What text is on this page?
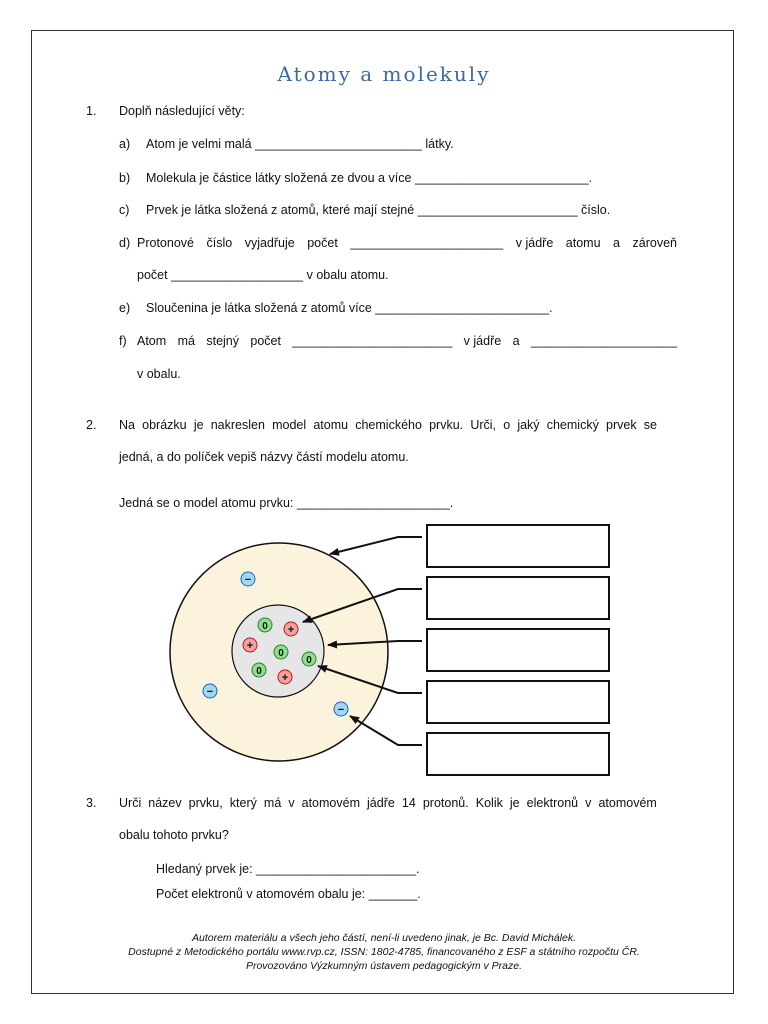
Atomy a molekuly
1. Doplň následující věty:
a) Atom je velmi malá ________________________ látky.
b) Molekula je částice látky složená ze dvou a více _________________________.
c) Prvek je látka složená z atomů, které mají stejné _______________________ číslo.
d) Protonové číslo vyjadřuje počet ______________________ v jádře atomu a zároveň
počet ___________________ v obalu atomu.
e) Sloučenina je látka složená z atomů více _________________________.
f) Atom má stejný počet _______________________ v jádře a _____________________
v obalu.
2. Na obrázku je nakreslen model atomu chemického prvku. Urči, o jaký chemický prvek se
jedná, a do políček vepiš názvy částí modelu atomu.
Jedná se o model atomu prvku: ______________________.
0 +
+
0
0
0
+
−
−
−
3. Urči název prvku, který má v atomovém jádře 14 protonů. Kolik je elektronů v atomovém
obalu tohoto prvku?
Hledaný prvek je: _______________________.
Počet elektronů v atomovém obalu je: _______.
Autorem materiálu a všech jeho částí, není-li uvedeno jinak, je Bc. David Michálek.
Dostupné z Metodického portálu www.rvp.cz, ISSN: 1802-4785, financovaného z ESF a státního rozpočtu ČR.
Provozováno Výzkumným ústavem pedagogickým v Praze.
